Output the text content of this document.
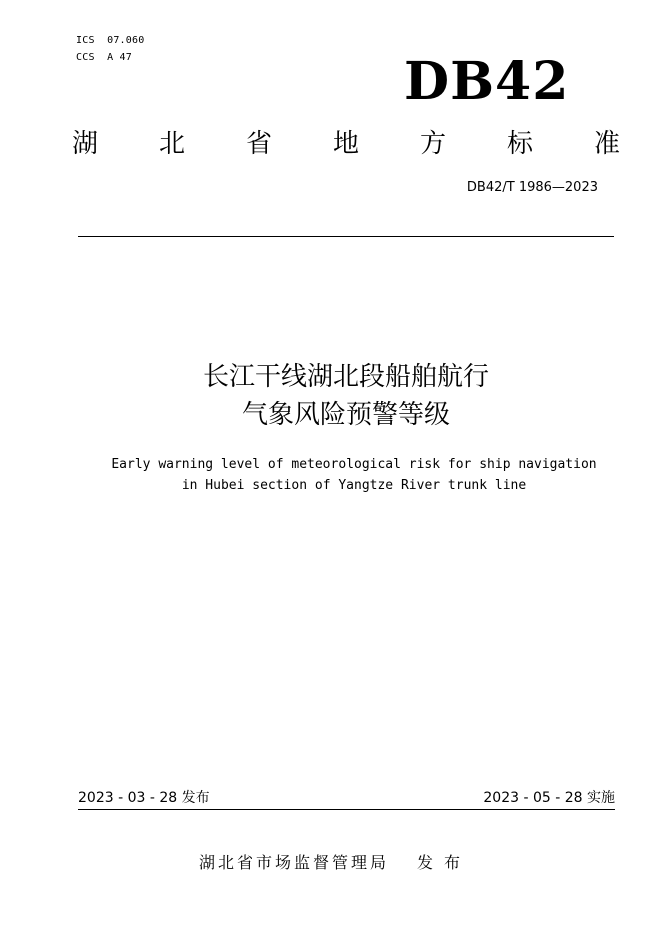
ICS  07.060
CCS  A 47	DB42
湖 北 省 地 方 标 准
DB42/T 1986—2023
长江干线湖北段船舶航行
气象风险预警等级
Early warning level of meteorological risk for ship navigation
in Hubei section of Yangtze River trunk line
2023 - 03 - 28 发布	2023 - 05 - 28 实施
湖北省市场监督管理局 发 布
